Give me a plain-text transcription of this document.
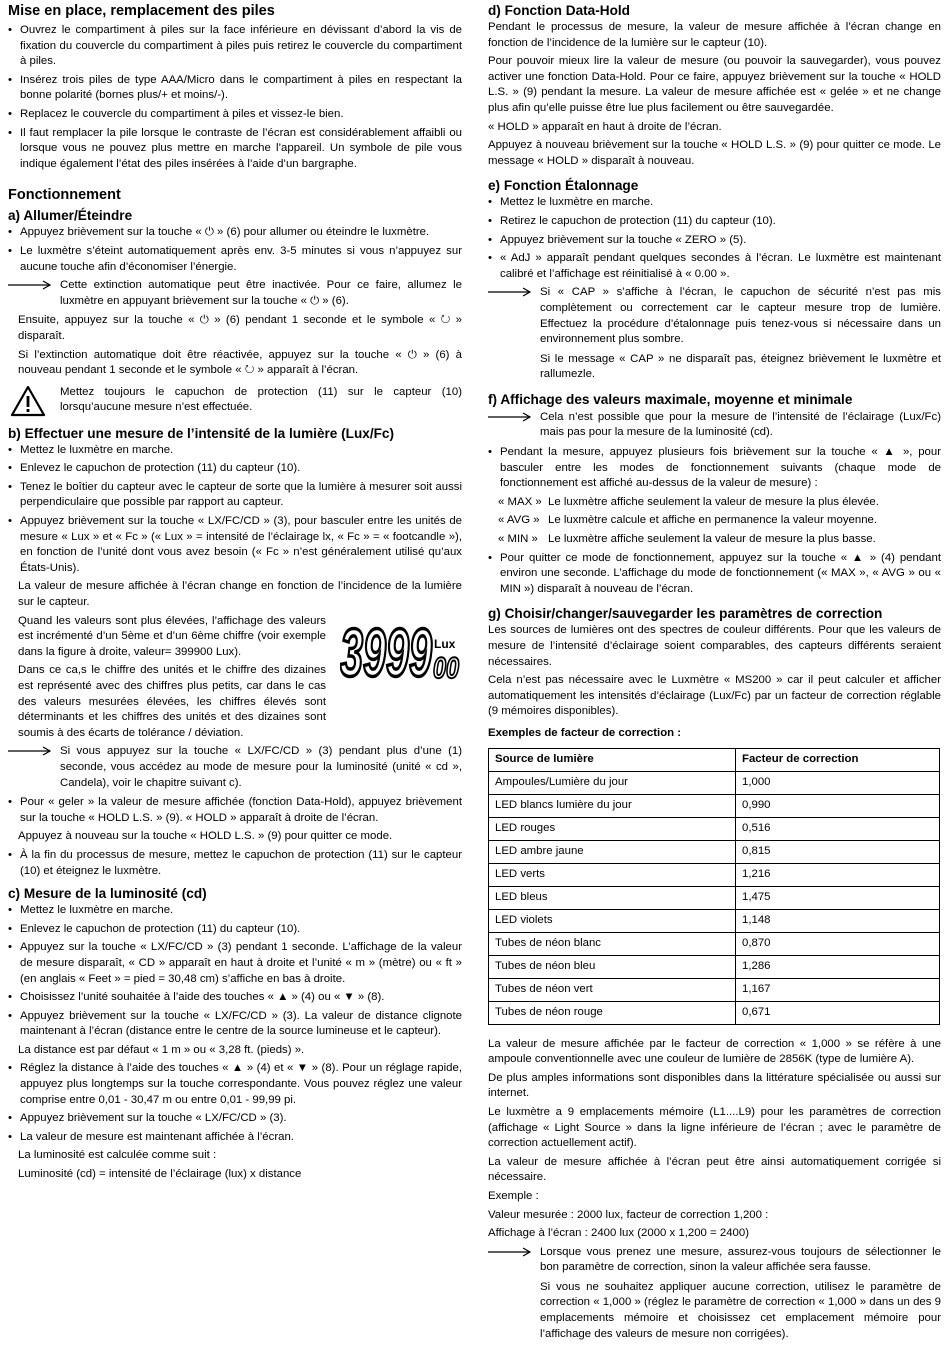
Mise en place, remplacement des piles
• Ouvrez le compartiment à piles sur la face inférieure en dévissant d’abord la vis de fixation du couvercle du compartiment à piles puis retirez le couvercle du compartiment à piles.
• Insérez trois piles de type AAA/Micro dans le compartiment à piles en respectant la bonne polarité (bornes plus/+ et moins/-).
• Replacez le couvercle du compartiment à piles et vissez-le bien.
• Il faut remplacer la pile lorsque le contraste de l’écran est considérablement affaibli ou lorsque vous ne pouvez plus mettre en marche l’appareil. Un symbole de pile vous indique également l’état des piles insérées à l’aide d’un bargraphe.
Fonctionnement
a) Allumer/Éteindre
• Appuyez brièvement sur la touche « ⏻ » (6) pour allumer ou éteindre le luxmètre.
• Le luxmètre s’éteint automatiquement après env. 3-5 minutes si vous n’appuyez sur aucune touche afin d’économiser l’énergie.
Cette extinction automatique peut être inactivée. Pour ce faire, allumez le luxmètre en appuyant brièvement sur la touche « ⏻ » (6).

Ensuite, appuyez sur la touche « ⏻ » (6) pendant 1 seconde et le symbole « ↻ » disparaît.

Si l’extinction automatique doit être réactivée, appuyez sur la touche « ⏻ » (6) à nouveau pendant 1 seconde et le symbole « ↻ » apparaît à l’écran.

Mettez toujours le capuchon de protection (11) sur le capteur (10) lorsqu’aucune mesure n’est effectuée.
b) Effectuer une mesure de l’intensité de la lumière (Lux/Fc)
• Mettez le luxmètre en marche.
• Enlevez le capuchon de protection (11) du capteur (10).
• Tenez le boîtier du capteur avec le capteur de sorte que la lumière à mesurer soit aussi perpendiculaire que possible par rapport au capteur.
• Appuyez brièvement sur la touche « LX/FC/CD » (3), pour basculer entre les unités de mesure « Lux » et « Fc » (« Lux » = intensité de l’éclairage lx, « Fc » = « footcandle »), en fonction de l’unité dont vous avez besoin (« Fc » n’est généralement utilisé qu’aux États-Unis).

La valeur de mesure affichée à l’écran change en fonction de l’incidence de la lumière sur le capteur.

3999 Lux
00

Quand les valeurs sont plus élevées, l’affichage des valeurs est incrémenté d’un 5ème et d’un 6ème chiffre (voir exemple dans la figure à droite, valeur= 399900 Lux).

Dans ce ca,s le chiffre des unités et le chiffre des dizaines est représenté avec des chiffres plus petits, car dans le cas des valeurs mesurées élevées, les chiffres élevés sont déterminants et les chiffres des unités et des dizaines sont soumis à des écarts de tolérance / déviation.

Si vous appuyez sur la touche « LX/FC/CD » (3) pendant plus d’une (1) seconde, vous accédez au mode de mesure pour la luminosité (unité « cd », Candela), voir le chapitre suivant c).
• Pour « geler » la valeur de mesure affichée (fonction Data-Hold), appuyez brièvement sur la touche « HOLD L.S. » (9). « HOLD » apparaît à droite de l’écran.

Appuyez à nouveau sur la touche « HOLD L.S. » (9) pour quitter ce mode.

• À la fin du processus de mesure, mettez le capuchon de protection (11) sur le capteur (10) et éteignez le luxmètre.
c) Mesure de la luminosité (cd)
• Mettez le luxmètre en marche.
• Enlevez le capuchon de protection (11) du capteur (10).
• Appuyez sur la touche « LX/FC/CD » (3) pendant 1 seconde. L’affichage de la valeur de mesure disparaît, « CD » apparaît en haut à droite et l’unité « m » (mètre) ou « ft » (en anglais « Feet » = pied = 30,48 cm) s’affiche en bas à droite.
• Choisissez l’unité souhaitée à l’aide des touches « ▲ » (4) ou « ▼ » (8).
• Appuyez brièvement sur la touche « LX/FC/CD » (3). La valeur de distance clignote maintenant à l’écran (distance entre le centre de la source lumineuse et le capteur).

La distance est par défaut « 1 m » ou « 3,28 ft. (pieds) ».

• Réglez la distance à l’aide des touches « ▲ » (4) et « ▼ » (8). Pour un réglage rapide, appuyez plus longtemps sur la touche correspondante. Vous pouvez réglez une valeur comprise entre 0,01 - 30,47 m ou entre 0,01 - 99,99 pi.
• Appuyez brièvement sur la touche « LX/FC/CD » (3).
• La valeur de mesure est maintenant affichée à l’écran.

La luminosité est calculée comme suit :

Luminosité (cd) = intensité de l’éclairage (lux) x distance

d) Fonction Data-Hold

Pendant le processus de mesure, la valeur de mesure affichée à l’écran change en fonction de l’incidence de la lumière sur le capteur (10).

Pour pouvoir mieux lire la valeur de mesure (ou pouvoir la sauvegarder), vous pouvez activer une fonction Data-Hold. Pour ce faire, appuyez brièvement sur la touche « HOLD L.S. » (9) pendant la mesure. La valeur de mesure affichée est « gelée » et ne change plus afin qu’elle puisse être lue plus facilement ou être sauvegardée.

« HOLD » apparaît en haut à droite de l’écran.

Appuyez à nouveau brièvement sur la touche « HOLD L.S. » (9) pour quitter ce mode. Le message « HOLD » disparaît à nouveau.

e) Fonction Étalonnage
• Mettez le luxmètre en marche.
• Retirez le capuchon de protection (11) du capteur (10).
• Appuyez brièvement sur la touche « ZERO » (5).
• « AdJ » apparaît pendant quelques secondes à l’écran. Le luxmètre est maintenant calibré et l’affichage est réinitialisé à « 0.00 ».
Si « CAP » s’affiche à l’écran, le capuchon de sécurité n’est pas mis complètement ou correctement car le capteur mesure trop de lumière. Effectuez la procédure d’étalonnage puis tenez-vous si nécessaire dans un environnement plus sombre.

Si le message « CAP » ne disparaît pas, éteignez brièvement le luxmètre et rallumezle.

f) Affichage des valeurs maximale, moyenne et minimale
Cela n’est possible que pour la mesure de l’intensité de l’éclairage (Lux/Fc) mais pas pour la mesure de la luminosité (cd).
• Pendant la mesure, appuyez plusieurs fois brièvement sur la touche « ▲ », pour basculer entre les modes de fonctionnement suivants (chaque mode de fonctionnement est affiché au-dessus de la valeur de mesure) :
« MAX » Le luxmètre affiche seulement la valeur de mesure la plus élevée.
« AVG » Le luxmètre calcule et affiche en permanence la valeur moyenne.
« MIN » Le luxmètre affiche seulement la valeur de mesure la plus basse.
• Pour quitter ce mode de fonctionnement, appuyez sur la touche « ▲ » (4) pendant environ une seconde. L’affichage du mode de fonctionnement (« MAX », « AVG » ou « MIN ») disparaît à nouveau de l’écran.
g) Choisir/changer/sauvegarder les paramètres de correction

Les sources de lumières ont des spectres de couleur différents. Pour que les valeurs de mesure de l’intensité d’éclairage soient comparables, des capteurs différents seraient nécessaires.

Cela n’est pas nécessaire avec le Luxmètre « MS200 » car il peut calculer et afficher automatiquement les intensités d’éclairage (Lux/Fc) par un facteur de correction réglable (9 mémoires disponibles).

Exemples de facteur de correction :

Source de lumière	Facteur de correction
Ampoules/Lumière du jour	1,000
LED blancs lumière du jour	0,990
LED rouges	0,516
LED ambre jaune	0,815
LED verts	1,216
LED bleus	1,475
LED violets	1,148
Tubes de néon blanc	0,870
Tubes de néon bleu	1,286
Tubes de néon vert	1,167
Tubes de néon rouge	0,671

La valeur de mesure affichée par le facteur de correction « 1,000 » se réfère à une ampoule conventionnelle avec une couleur de lumière de 2856K (type de lumière A).

De plus amples informations sont disponibles dans la littérature spécialisée ou aussi sur internet.

Le luxmètre a 9 emplacements mémoire (L1....L9) pour les paramètres de correction (affichage « Light Source » dans la ligne inférieure de l’écran ; avec le paramètre de correction actuellement actif).

La valeur de mesure affichée à l’écran peut être ainsi automatiquement corrigée si nécessaire.

Exemple :

Valeur mesurée : 2000 lux, facteur de correction 1,200 :

Affichage à l’écran : 2400 lux (2000 x 1,200 = 2400)

Lorsque vous prenez une mesure, assurez-vous toujours de sélectionner le bon paramètre de correction, sinon la valeur affichée sera fausse.

Si vous ne souhaitez appliquer aucune correction, utilisez le paramètre de correction « 1,000 » (réglez le paramètre de correction « 1,000 » dans un des 9 emplacements mémoire et choisissez cet emplacement mémoire pour l’affichage des valeurs de mesure non corrigées).
